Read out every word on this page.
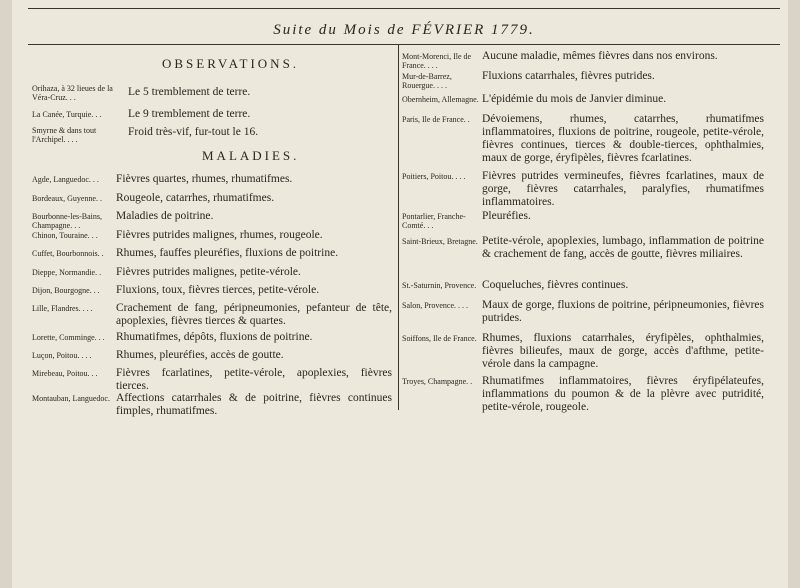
Suite du Mois de FÉVRIER 1779.
OBSERVATIONS.
Orihaza, à 32 lieues de la Véra-Cruz. . .	Le 5 tremblement de terre.
La Canée, Turquie. . . Le 9 tremblement de terre.
Smyrne & dans tout l'Archipel. . . .
Froid très-vif, fur-tout le 16.
MALADIES.
Agde, Languedoc. . . Fièvres quartes, rhumes, rhumatifmes.
Bordeaux, Guyenne. . Rougeole, catarrhes, rhumatifmes.
Bourbonne-les-Bains, Champagne. . .
Maladies de poitrine.
Chinon, Touraine. . . Fièvres putrides malignes, rhumes, rougeole.
Cuffet, Bourbonnois. . Rhumes, fauffes pleuréfies, fluxions de poitrine.
Dieppe, Normandie. . Fièvres putrides malignes, petite-vérole.
Dijon, Bourgogne. . . Fluxions, toux, fièvres tierces, petite-vérole.
Lille, Flandres. . . . Crachement de fang, péripneumonies, pefanteur de tête, apoplexies, fièvres tierces & quartes.
Lorette, Comminge. . . Rhumatifmes, dépôts, fluxions de poitrine.
Luçon, Poitou. . . . Rhumes, pleuréfies, accès de goutte.
Mirebeau, Poitou. . . Fièvres fcarlatines, petite-vérole, apoplexies, fièvres tierces.
Montauban, Languedoc. Affections catarrhales & de poitrine, fièvres continues fimples, rhumatifmes.
Mont-Morenci, Ile de France. . . .
Aucune maladie, mêmes fièvres dans nos environs.
Mur-de-Barrez, Rouergue. . . .
Fluxions catarrhales, fièvres putrides.
Obernheim, Allemagne. L'épidémie du mois de Janvier diminue.
Paris, Ile de France. . Dévoiemens, rhumes, catarrhes, rhumatifmes inflammatoires, fluxions de poitrine, rougeole, petite-vérole, fièvres continues, tierces & double-tierces, ophthalmies, maux de gorge, éryfipèles, fièvres fcarlatines.
Poitiers, Poitou. . . . Fièvres putrides vermineufes, fièvres fcarlatines, maux de gorge, fièvres catarrhales, paralyfies, rhumatifmes inflammatoires.
Pontarlier, Franche-Comté. . .
Pleuréfies.
Saint-Brieux, Bretagne. Petite-vérole, apoplexies, lumbago, inflammation de poitrine & crachement de fang, accès de goutte, fièvres miliaires.
St.-Saturnin, Provence. Coqueluches, fièvres continues.
Salon, Provence. . . . Maux de gorge, fluxions de poitrine, péripneumonies, fièvres putrides.
Soiffons, Ile de France. Rhumes, fluxions catarrhales, éryfipèles, ophthalmies, fièvres bilieufes, maux de gorge, accès d'afthme, petite-vérole dans la campagne.
Troyes, Champagne. . Rhumatifmes inflammatoires, fièvres éryfipélateufes, inflammations du poumon & de la plèvre avec putridité, petite-vérole, rougeole.
